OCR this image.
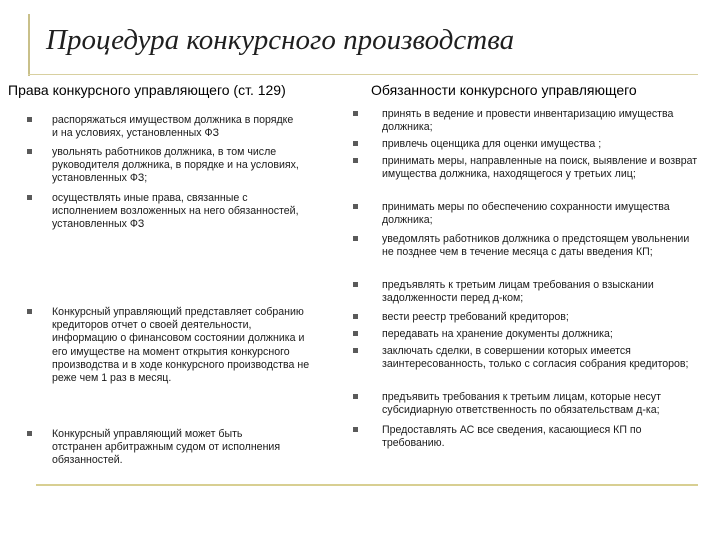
Процедура конкурсного производства
Права конкурсного управляющего (ст. 129)	Обязанности конкурсного управляющего
распоряжаться имуществом должника в порядке и на условиях, установленных ФЗ
увольнять работников должника, в том числе руководителя должника, в порядке и на условиях, установленных ФЗ;
осуществлять иные права, связанные с исполнением возложенных на него обязанностей, установленных ФЗ
Конкурсный управляющий представляет собранию кредиторов отчет о своей деятельности, информацию о финансовом состоянии должника и его имуществе на момент открытия конкурсного производства и в ходе конкурсного производства не реже чем 1 раз в месяц.
Конкурсный управляющий может быть отстранен арбитражным судом от исполнения обязанностей.
принять в ведение и провести инвентаризацию имущества должника;
привлечь оценщика для оценки имущества ;
принимать меры, направленные на поиск, выявление и возврат имущества должника, находящегося у третьих лиц;
принимать меры по обеспечению сохранности имущества должника;
уведомлять работников должника о предстоящем увольнении не позднее чем в течение месяца с даты введения КП;
предъявлять к третьим лицам требования о взыскании задолженности перед д-ком;
вести реестр требований кредиторов;
передавать на хранение документы должника;
заключать сделки, в совершении которых имеется заинтересованность, только с согласия собрания кредиторов;
предъявить требования к третьим лицам, которые несут субсидиарную ответственность по обязательствам д-ка;
Предоставлять АС все сведения, касающиеся КП по требованию.
